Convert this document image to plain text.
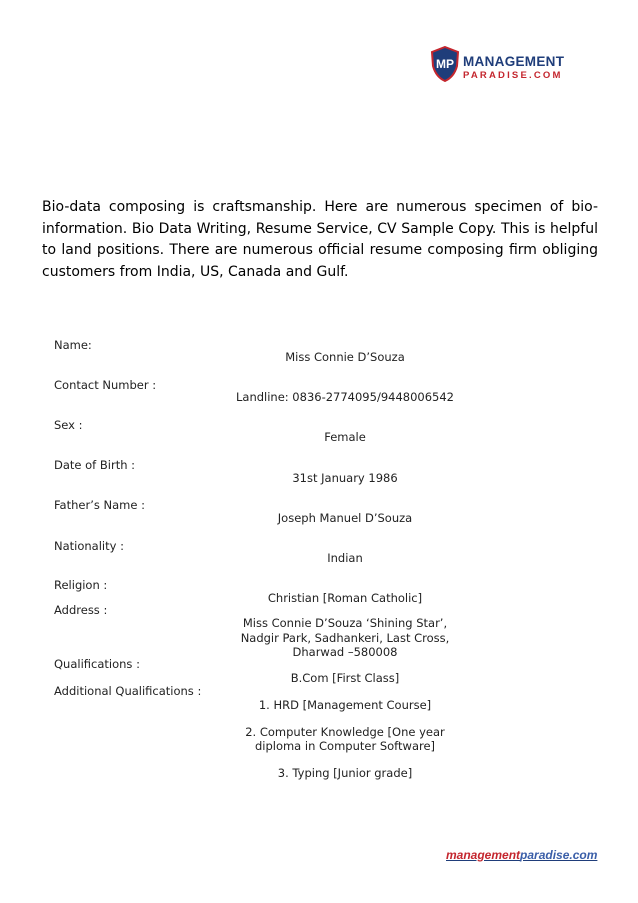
MP MANAGEMENT
PARADISE.COM

Bio-data composing is craftsmanship. Here are numerous specimen of bio-information. Bio Data Writing, Resume Service, CV Sample Copy. This is helpful to land positions. There are numerous official resume composing firm obliging customers from India, US, Canada and Gulf.

Name:
Miss Connie D’Souza
Contact Number :
Landline: 0836-2774095/9448006542
Sex :
Female
Date of Birth :
31st January 1986
Father’s Name :
Joseph Manuel D’Souza
Nationality :
Indian
Religion :
Christian [Roman Catholic]
Address :
Miss Connie D’Souza ‘Shining Star’,
Nadgir Park, Sadhankeri, Last Cross,
Dharwad –580008
Qualifications :
B.Com [First Class]
Additional Qualifications :
1. HRD [Management Course]
2. Computer Knowledge [One year
diploma in Computer Software]
3. Typing [Junior grade]
managementparadise.com
